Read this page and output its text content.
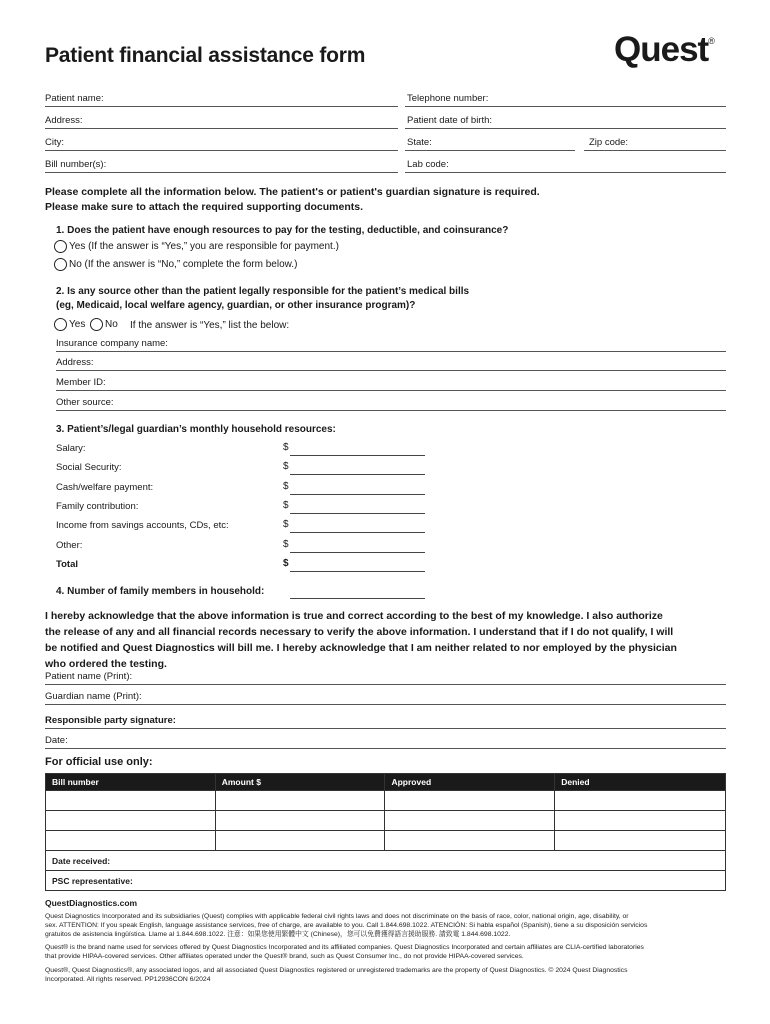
Patient financial assistance form	Quest®
Patient name:	Telephone number:
Address:	Patient date of birth:
City:	State:	Zip code:
Bill number(s):	Lab code:
Please complete all the information below. The patient's or patient's guardian signature is required.
Please make sure to attach the required supporting documents.
1. Does the patient have enough resources to pay for the testing, deductible, and coinsurance?
Yes (If the answer is “Yes,” you are responsible for payment.)
No (If the answer is “No,” complete the form below.)
2. Is any source other than the patient legally responsible for the patient’s medical bills
(eg, Medicaid, local welfare agency, guardian, or other insurance program)?
Yes No If the answer is “Yes,” list the below:
Insurance company name:
Address:
Member ID:
Other source:
3. Patient’s/legal guardian’s monthly household resources:
Salary:	$
Social Security:	$
Cash/welfare payment:	$
Family contribution:	$
Income from savings accounts, CDs, etc:	$
Other:	$
Total	$
4. Number of family members in household:
I hereby acknowledge that the above information is true and correct according to the best of my knowledge. I also authorize
the release of any and all financial records necessary to verify the above information. I understand that if I do not qualify, I will
be notified and Quest Diagnostics will bill me. I hereby acknowledge that I am neither related to nor employed by the physician
who ordered the testing.
Patient name (Print):
Guardian name (Print):
Responsible party signature:
Date:
For official use only:
Bill number	Amount $	Approved	Denied

Date received:			
PSC representative:			
QuestDiagnostics.com
Quest Diagnostics Incorporated and its subsidiaries (Quest) complies with applicable federal civil rights laws and does not discriminate on the basis of race, color, national origin, age, disability, or
sex. ATTENTION: If you speak English, language assistance services, free of charge, are available to you. Call 1.844.698.1022. ATENCIÓN: Si habla español (Spanish), tiene a su disposición servicios
gratuitos de asistencia lingüística. Llame al 1.844.698.1022. 注意：如果您使用繁體中文 (Chinese)，您可以免費獲得語言援助服務. 請致電 1.844.698.1022.
Quest® is the brand name used for services offered by Quest Diagnostics Incorporated and its affiliated companies. Quest Diagnostics Incorporated and certain affiliates are CLIA-certified laboratories
that provide HIPAA-covered services. Other affiliates operated under the Quest® brand, such as Quest Consumer Inc., do not provide HIPAA-covered services.
Quest®, Quest Diagnostics®, any associated logos, and all associated Quest Diagnostics registered or unregistered trademarks are the property of Quest Diagnostics. © 2024 Quest Diagnostics
Incorporated. All rights reserved. PP12936CON 6/2024
